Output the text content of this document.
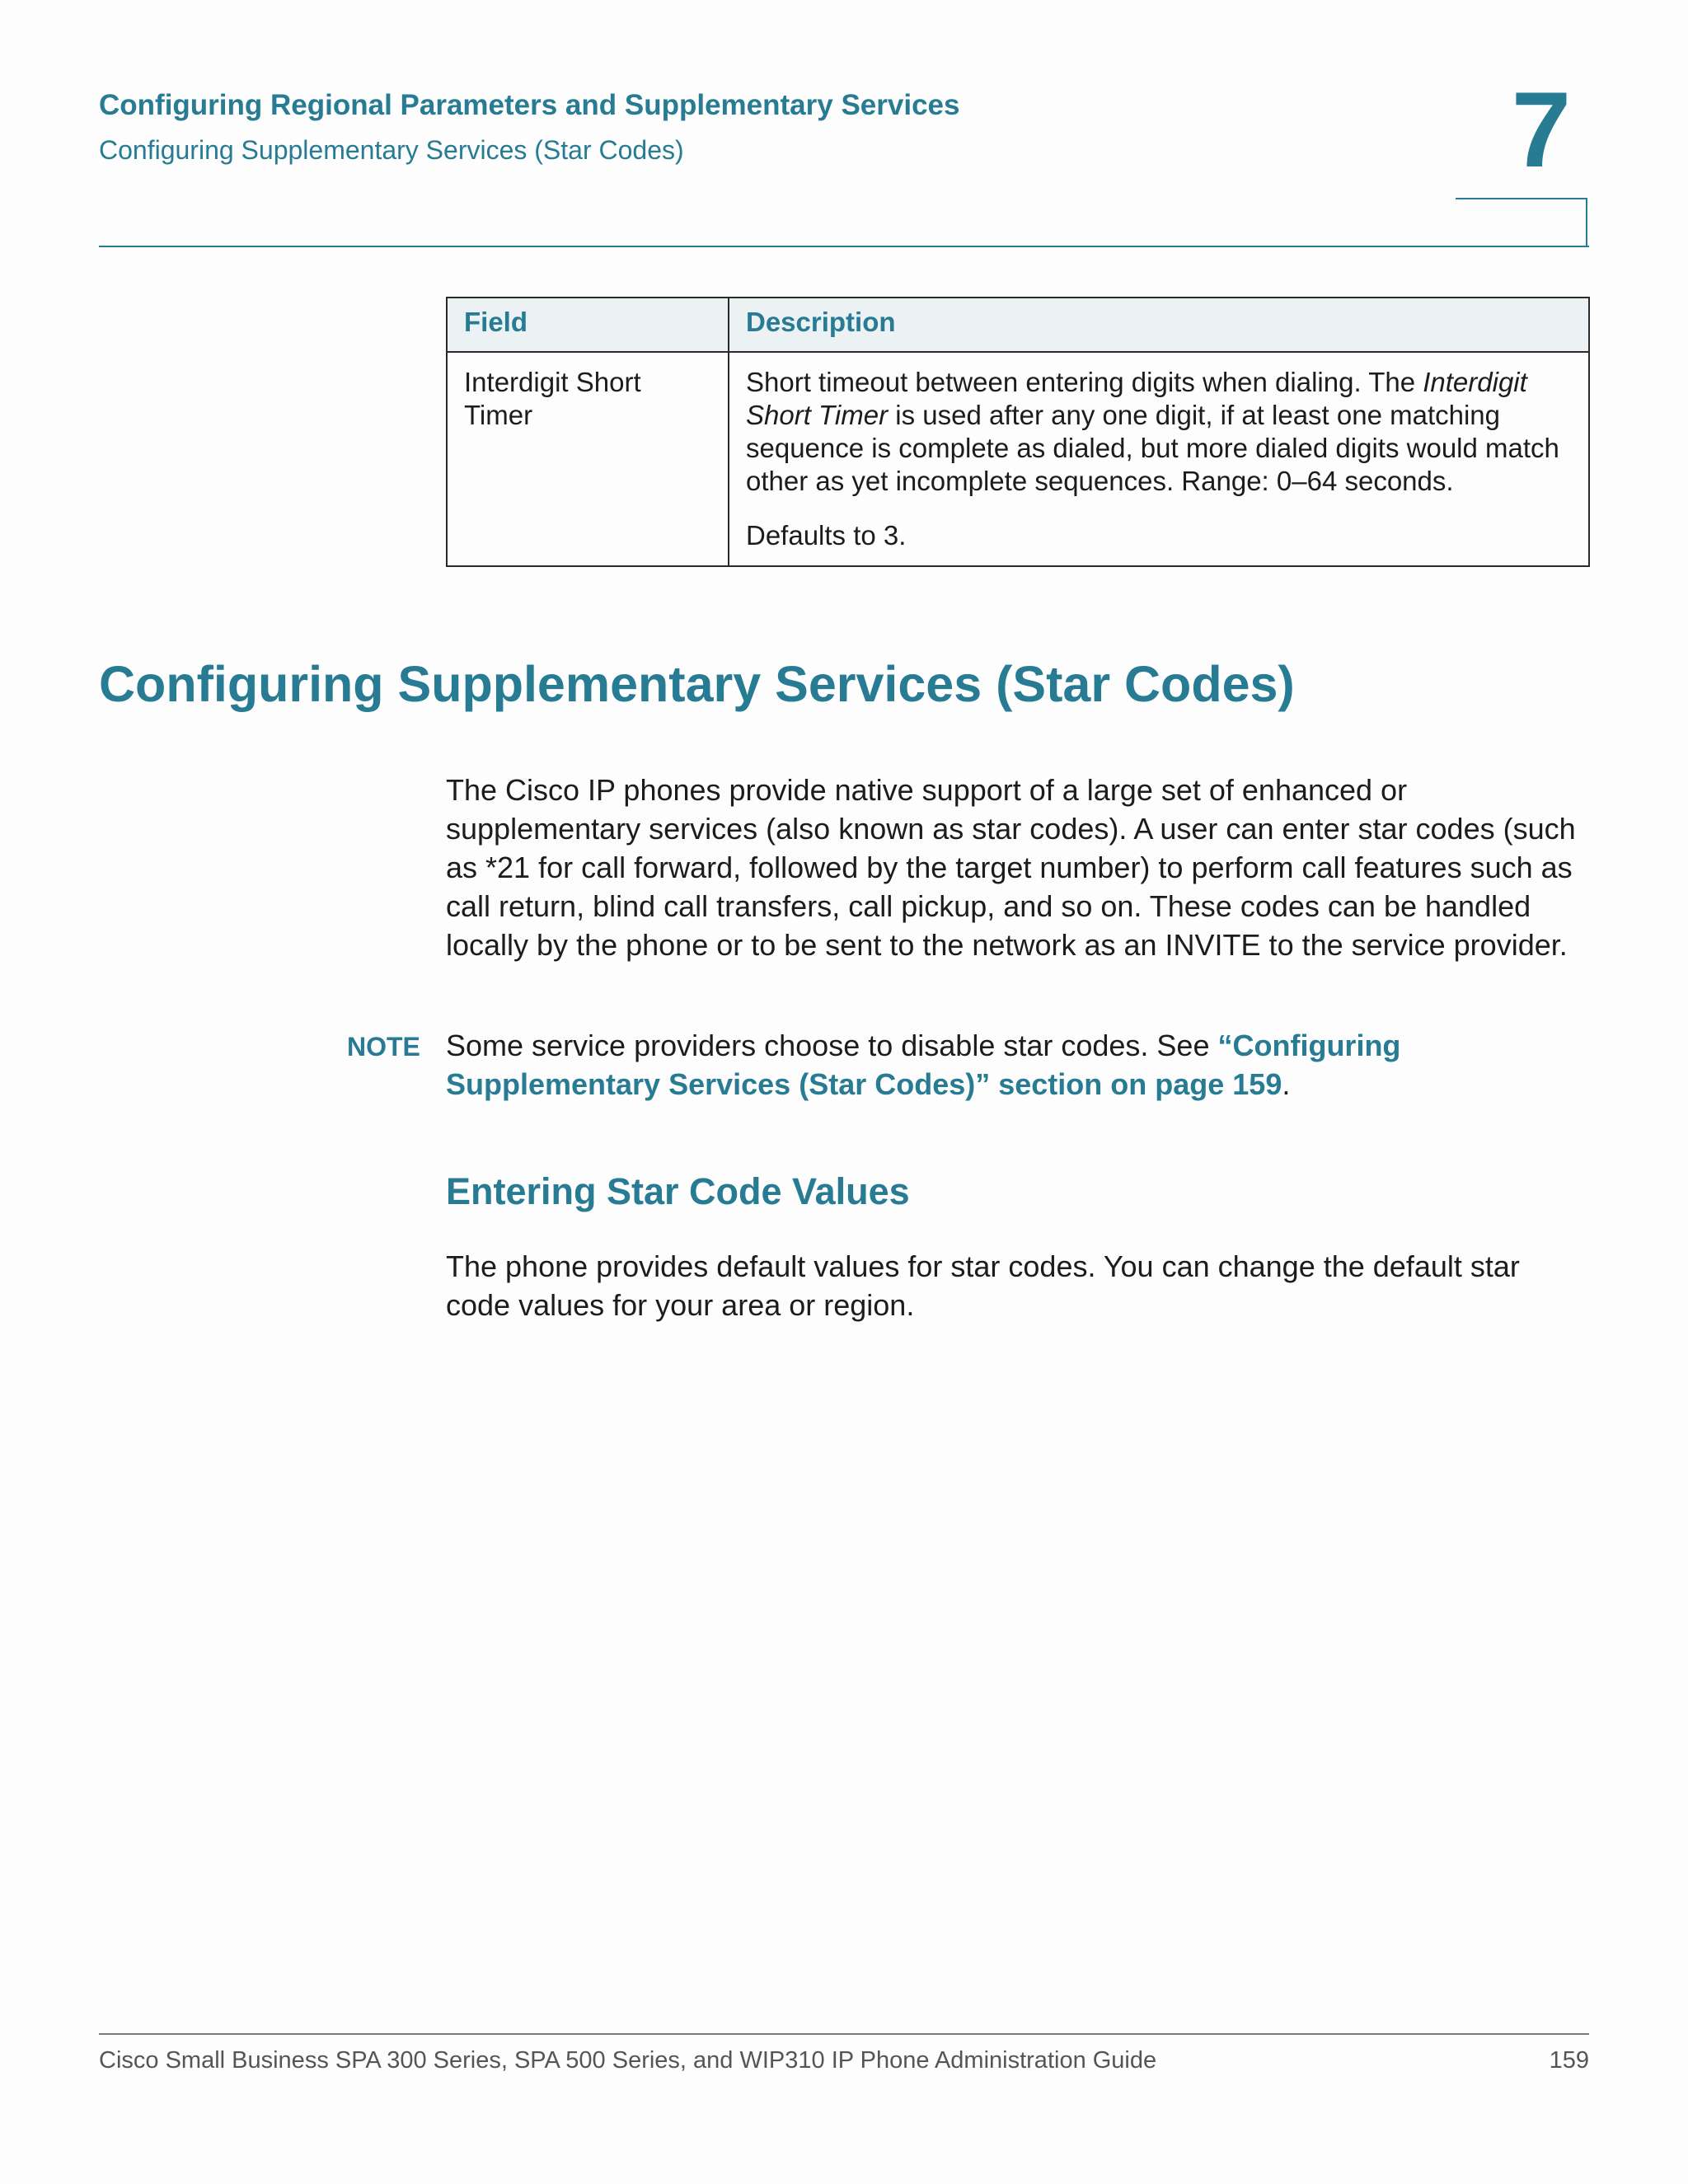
Configuring Regional Parameters and Supplementary Services
Configuring Supplementary Services (Star Codes)	7
Field	Description
Interdigit Short Timer	Short timeout between entering digits when dialing. The Interdigit Short Timer is used after any one digit, if at least one matching sequence is complete as dialed, but more dialed digits would match other as yet incomplete sequences. Range: 0–64 seconds.

Defaults to 3.

Configuring Supplementary Services (Star Codes)

The Cisco IP phones provide native support of a large set of enhanced or supplementary services (also known as star codes). A user can enter star codes (such as *21 for call forward, followed by the target number) to perform call features such as call return, blind call transfers, call pickup, and so on. These codes can be handled locally by the phone or to be sent to the network as an INVITE to the service provider.

NOTE Some service providers choose to disable star codes. See “Configuring Supplementary Services (Star Codes)” section on page 159.

Entering Star Code Values

The phone provides default values for star codes. You can change the default star code values for your area or region.

Cisco Small Business SPA 300 Series, SPA 500 Series, and WIP310 IP Phone Administration Guide	159
